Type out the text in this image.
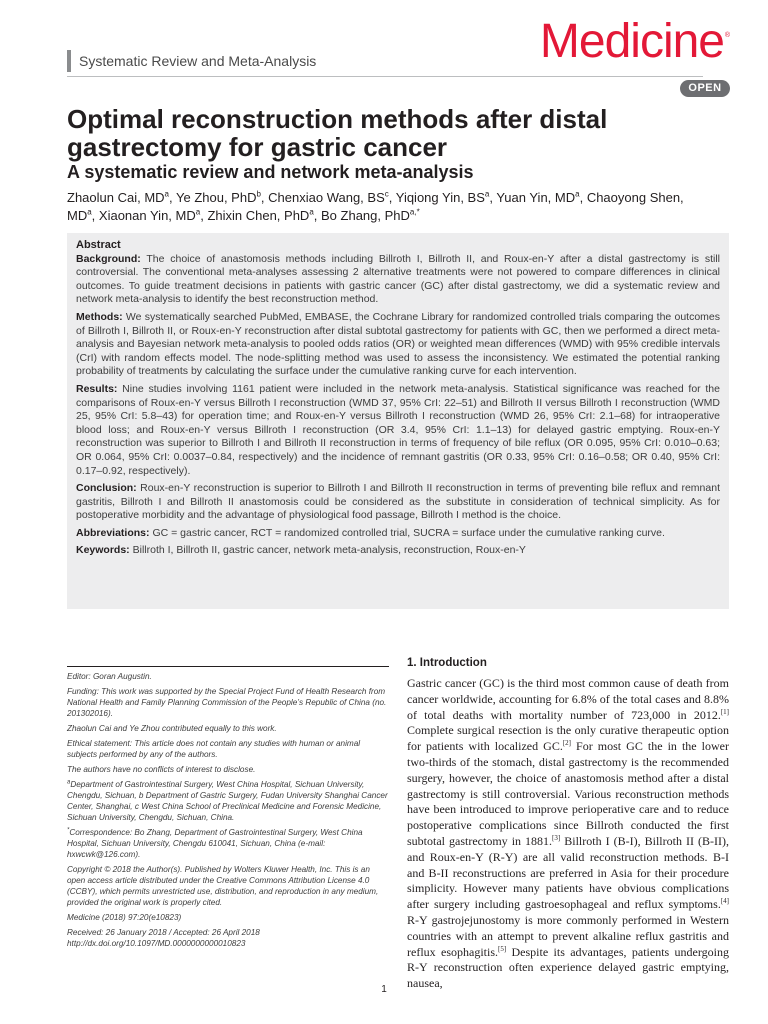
Systematic Review and Meta-Analysis	Medicine ®
OPEN
Optimal reconstruction methods after distal gastrectomy for gastric cancer
A systematic review and network meta-analysis
Zhaolun Cai, $MD^a$, Ye Zhou, PhD$^b$, Chenxiao Wang, $BS^c$, Yiqiong Yin, $BS^a$, Yuan Yin, $MD^a$, Chaoyong Shen, $MD^a$, Xiaonan Yin, $MD^a$, Zhixin Chen, PhD$^a$, Bo Zhang, PhD$^{a,*}$
Abstract

Background: The choice of anastomosis methods including Billroth I, Billroth II, and Roux-en-Y after a distal gastrectomy is still controversial. The conventional meta-analyses assessing 2 alternative treatments were not powered to compare differences in clinical outcomes. To guide treatment decisions in patients with gastric cancer (GC) after distal gastrectomy, we did a systematic review and network meta-analysis to identify the best reconstruction method.

Methods: We systematically searched PubMed, EMBASE, the Cochrane Library for randomized controlled trials comparing the outcomes of Billroth I, Billroth II, or Roux-en-Y reconstruction after distal subtotal gastrectomy for patients with GC, then we performed a direct meta-analysis and Bayesian network meta-analysis to pooled odds ratios (OR) or weighted mean differences (WMD) with 95% credible intervals (CrI) with random effects model. The node-splitting method was used to assess the inconsistency. We estimated the potential ranking probability of treatments by calculating the surface under the cumulative ranking curve for each intervention.

Results: Nine studies involving 1161 patient were included in the network meta-analysis. Statistical significance was reached for the comparisons of Roux-en-Y versus Billroth I reconstruction (WMD 37, 95% CrI: 22–51) and Billroth II versus Billroth I reconstruction (WMD 25, 95% CrI: 5.8–43) for operation time; and Roux-en-Y versus Billroth I reconstruction (WMD 26, 95% CrI: 2.1–68) for intraoperative blood loss; and Roux-en-Y versus Billroth I reconstruction (OR 3.4, 95% CrI: 1.1–13) for delayed gastric emptying. Roux-en-Y reconstruction was superior to Billroth I and Billroth II reconstruction in terms of frequency of bile reflux (OR 0.095, 95% CrI: 0.010–0.63; OR 0.064, 95% CrI: 0.0037–0.84, respectively) and the incidence of remnant gastritis (OR 0.33, 95% CrI: 0.16–0.58; OR 0.40, 95% CrI: 0.17–0.92, respectively).

Conclusion: Roux-en-Y reconstruction is superior to Billroth I and Billroth II reconstruction in terms of preventing bile reflux and remnant gastritis, Billroth I and Billroth II anastomosis could be considered as the substitute in consideration of technical simplicity. As for postoperative morbidity and the advantage of physiological food passage, Billroth I method is the choice.

Abbreviations: GC = gastric cancer, RCT = randomized controlled trial, SUCRA = surface under the cumulative ranking curve.

Keywords: Billroth I, Billroth II, gastric cancer, network meta-analysis, reconstruction, Roux-en-Y

Editor: Goran Augustin.
Funding: This work was supported by the Special Project Fund of Health Research from National Health and Family Planning Commission of the People’s Republic of China (no. 201302016).
Zhaolun Cai and Ye Zhou contributed equally to this work.
Ethical statement: This article does not contain any studies with human or animal subjects performed by any of the authors.
The authors have no conflicts of interest to disclose.
$^a$Department of Gastrointestinal Surgery, West China Hospital, Sichuan University, Chengdu, Sichuan, b Department of Gastric Surgery, Fudan University Shanghai Cancer Center, Shanghai, c West China School of Preclinical Medicine and Forensic Medicine, Sichuan University, Chengdu, Sichuan, China.
*Correspondence: Bo Zhang, Department of Gastrointestinal Surgery, West China Hospital, Sichuan University, Chengdu 610041, Sichuan, China (e-mail: hxwcwk@126.com).
Copyright © 2018 the Author(s). Published by Wolters Kluwer Health, Inc. This is an open access article distributed under the Creative Commons Attribution License 4.0 (CCBY), which permits unrestricted use, distribution, and reproduction in any medium, provided the original work is properly cited.
Medicine (2018) 97:20(e10823)
Received: 26 January 2018 / Accepted: 26 April 2018 http://dx.doi.org/10.1097/MD.0000000000010823
1. Introduction
Gastric cancer (GC) is the third most common cause of death from cancer worldwide, accounting for 6.8% of the total cases and 8.8% of total deaths with mortality number of 723,000 in 2012.[1] Complete surgical resection is the only curative therapeutic option for patients with localized GC.[2] For most GC the in the lower two-thirds of the stomach, distal gastrectomy is the recommended surgery, however, the choice of anastomosis method after a distal gastrectomy is still controversial. Various reconstruction methods have been introduced to improve perioperative care and to reduce postoperative complications since Billroth conducted the first subtotal gastrectomy in 1881.[3] Billroth I (B-I), Billroth II (B-II), and Roux-en-Y (R-Y) are all valid reconstruction methods. B-I and B-II reconstructions are preferred in Asia for their procedure simplicity. However many patients have obvious complications after surgery including gastroesophageal and reflux symptoms.[4] R-Y gastrojejunostomy is more commonly performed in Western countries with an attempt to prevent alkaline reflux gastritis and reflux esophagitis.[5] Despite its advantages, patients undergoing R-Y reconstruction often experience delayed gastric emptying, nausea,
1
